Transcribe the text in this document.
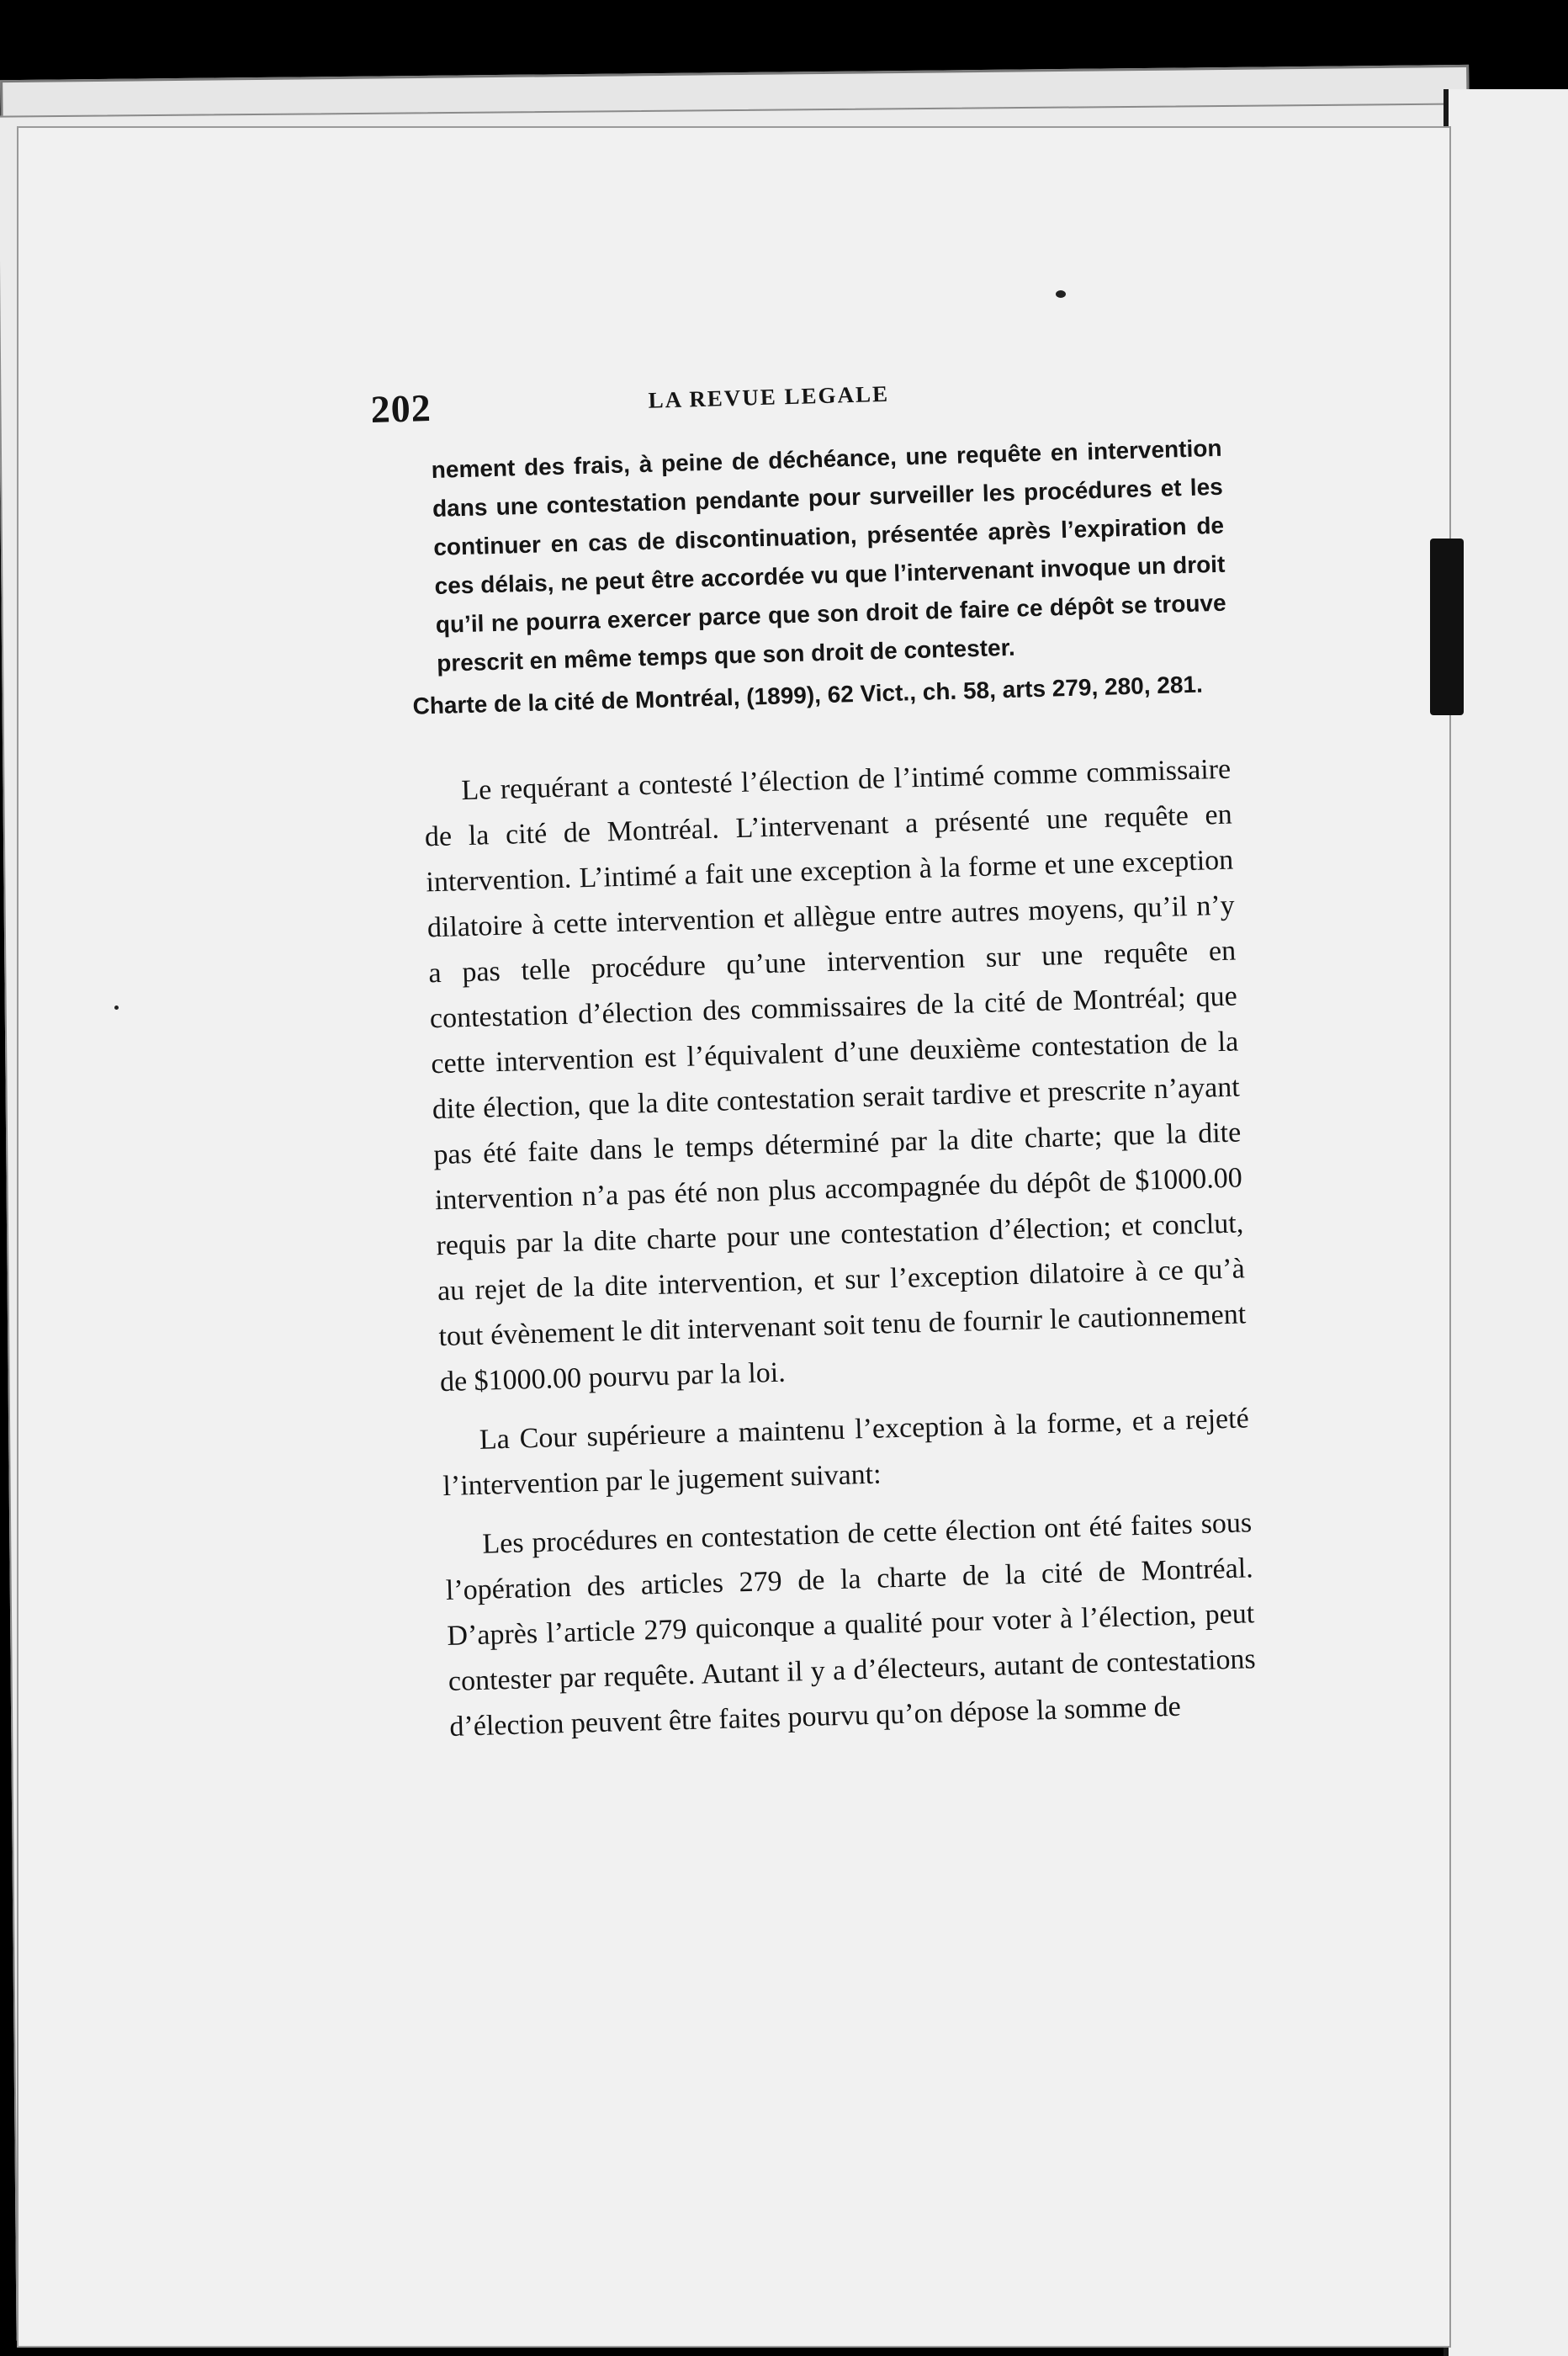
202	LA REVUE LEGALE
nement des frais, à peine de déchéance, une requête en intervention dans une contestation pendante pour surveiller les procédures et les continuer en cas de discontinuation, présentée après l’expiration de ces délais, ne peut être accordée vu que l’intervenant invoque un droit qu’il ne pourra exercer parce que son droit de faire ce dépôt se trouve prescrit en même temps que son droit de contester.
Charte de la cité de Montréal, (1899), 62 Vict., ch. 58, arts 279, 280, 281.

Le requérant a contesté l’élection de l’intimé comme commissaire de la cité de Montréal. L’intervenant a présenté une requête en intervention. L’intimé a fait une exception à la forme et une exception dilatoire à cette intervention et allègue entre autres moyens, qu’il n’y a pas telle procédure qu’une intervention sur une requête en contestation d’élection des commissaires de la cité de Montréal; que cette intervention est l’équivalent d’une deuxième contestation de la dite élection, que la dite contestation serait tardive et prescrite n’ayant pas été faite dans le temps déterminé par la dite charte; que la dite intervention n’a pas été non plus accompagnée du dépôt de $1000.00 requis par la dite charte pour une contestation d’élection; et conclut, au rejet de la dite intervention, et sur l’exception dilatoire à ce qu’à tout évènement le dit intervenant soit tenu de fournir le cautionnement de $1000.00 pourvu par la loi.

La Cour supérieure a maintenu l’exception à la forme, et a rejeté l’intervention par le jugement suivant:

Les procédures en contestation de cette élection ont été faites sous l’opération des articles 279 de la charte de la cité de Montréal. D’après l’article 279 quiconque a qualité pour voter à l’élection, peut contester par requête. Autant il y a d’électeurs, autant de contestations d’élection peuvent être faites pourvu qu’on dépose la somme de
